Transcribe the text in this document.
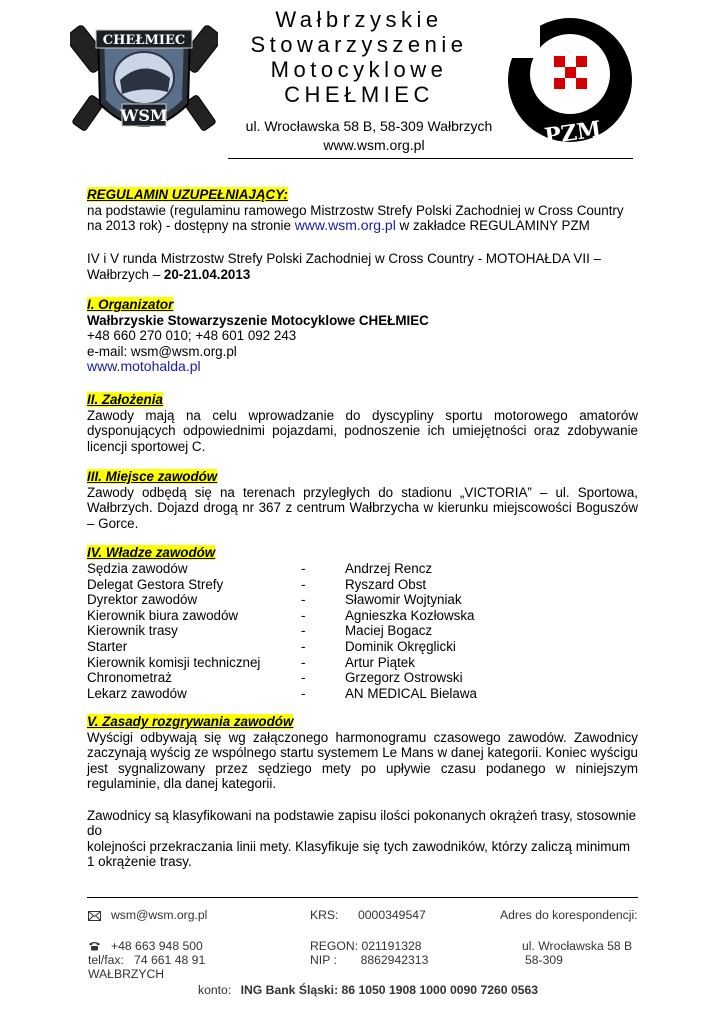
CHEŁMIEC
WSM
Wałbrzyskie
Stowarzyszenie
Motocyklowe
CHEŁMIEC
ul. Wrocławska 58 B, 58-309 Wałbrzych
www.wsm.org.pl	PZM
REGULAMIN UZUPEŁNIAJĄCY:
na podstawie (regulaminu ramowego Mistrzostw Strefy Polski Zachodniej w Cross Country
na 2013 rok) - dostępny na stronie www.wsm.org.pl w zakładce REGULAMINY PZM
IV i V runda Mistrzostw Strefy Polski Zachodniej w Cross Country - MOTOHAŁDA VII –
Wałbrzych – 20-21.04.2013
I. Organizator
Wałbrzyskie Stowarzyszenie Motocyklowe CHEŁMIEC
+48 660 270 010; +48 601 092 243
e-mail: wsm@wsm.org.pl
www.motohalda.pl
II. Założenia
Zawody mają na celu wprowadzanie do dyscypliny sportu motorowego amatorów
dysponujących odpowiednimi pojazdami, podnoszenie ich umiejętności oraz zdobywanie
licencji sportowej C.
III. Miejsce zawodów
Zawody odbędą się na terenach przyległych do stadionu „VICTORIA” – ul. Sportowa,
Wałbrzych. Dojazd drogą nr 367 z centrum Wałbrzycha w kierunku miejscowości Boguszów
– Gorce.
IV. Władze zawodów
Sędzia zawodów	-	Andrzej Rencz
Delegat Gestora Strefy	-	Ryszard Obst
Dyrektor zawodów	-	Sławomir Wojtyniak
Kierownik biura zawodów	-	Agnieszka Kozłowska
Kierownik trasy	-	Maciej Bogacz
Starter	-	Dominik Okręglicki
Kierownik komisji technicznej	-	Artur Piątek
Chronometraż	-	Grzegorz Ostrowski
Lekarz zawodów	-	AN MEDICAL Bielawa
V. Zasady rozgrywania zawodów
Wyścigi odbywają się wg załączonego harmonogramu czasowego zawodów. Zawodnicy
zaczynają wyścig ze wspólnego startu systemem Le Mans w danej kategorii. Koniec wyścigu
jest sygnalizowany przez sędziego mety po upływie czasu podanego w niniejszym
regulaminie, dla danej kategorii.
Zawodnicy są klasyfikowani na podstawie zapisu ilości pokonanych okrążeń trasy, stosownie
do
kolejności przekraczania linii mety. Klasyfikuje się tych zawodników, którzy zaliczą minimum
1 okrążenie trasy.
wsm@wsm.org.pl	KRS: 0000349547	Adres do korespondencji:
+48 663 948 500	REGON: 021191328	ul. Wrocławska 58 B
tel/fax:   74 661 48 91	NIP :       8862942313	58-309
WAŁBRZYCH
konto: ING Bank Śląski: 86 1050 1908 1000 0090 7260 0563
